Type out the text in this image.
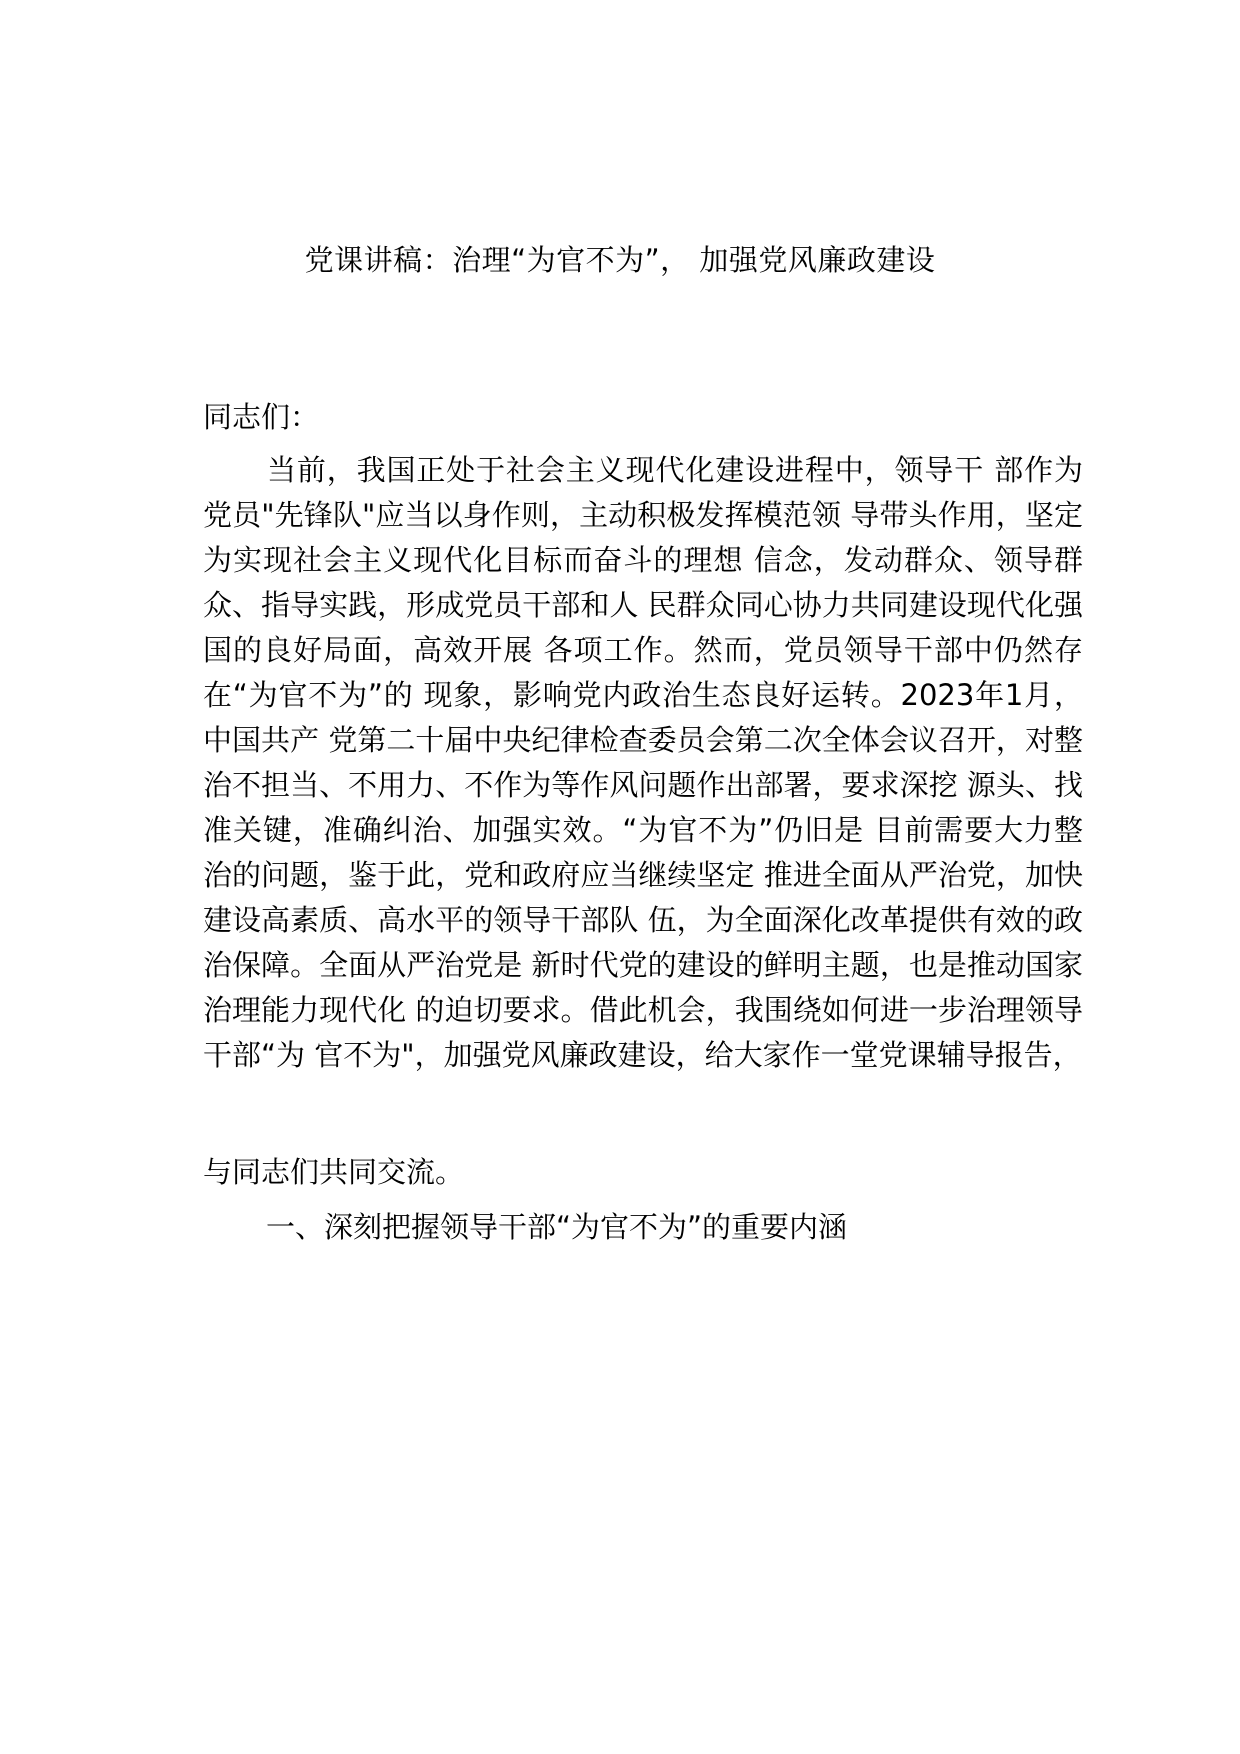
党课讲稿：治理“为官不为”， 加强党风廉政建设
同志们：

当前，我国正处于社会主义现代化建设进程中，领导干 部作为党员"先锋队"应当以身作则，主动积极发挥模范领 导带头作用，坚定为实现社会主义现代化目标而奋斗的理想 信念，发动群众、领导群众、指导实践，形成党员干部和人 民群众同心协力共同建设现代化强国的良好局面，高效开展 各项工作。然而，党员领导干部中仍然存在“为官不为”的 现象，影响党内政治生态良好运转。2023年1月，中国共产 党第二十届中央纪律检查委员会第二次全体会议召开，对整 治不担当、不用力、不作为等作风问题作出部署，要求深挖 源头、找准关键，准确纠治、加强实效。“为官不为”仍旧是 目前需要大力整治的问题，鉴于此，党和政府应当继续坚定 推进全面从严治党，加快建设高素质、高水平的领导干部队 伍，为全面深化改革提供有效的政治保障。全面从严治党是 新时代党的建设的鲜明主题，也是推动国家治理能力现代化 的迫切要求。借此机会，我围绕如何进一步治理领导干部“为 官不为"，加强党风廉政建设，给大家作一堂党课辅导报告，

与同志们共同交流。
一、深刻把握领导干部“为官不为”的重要内涵
